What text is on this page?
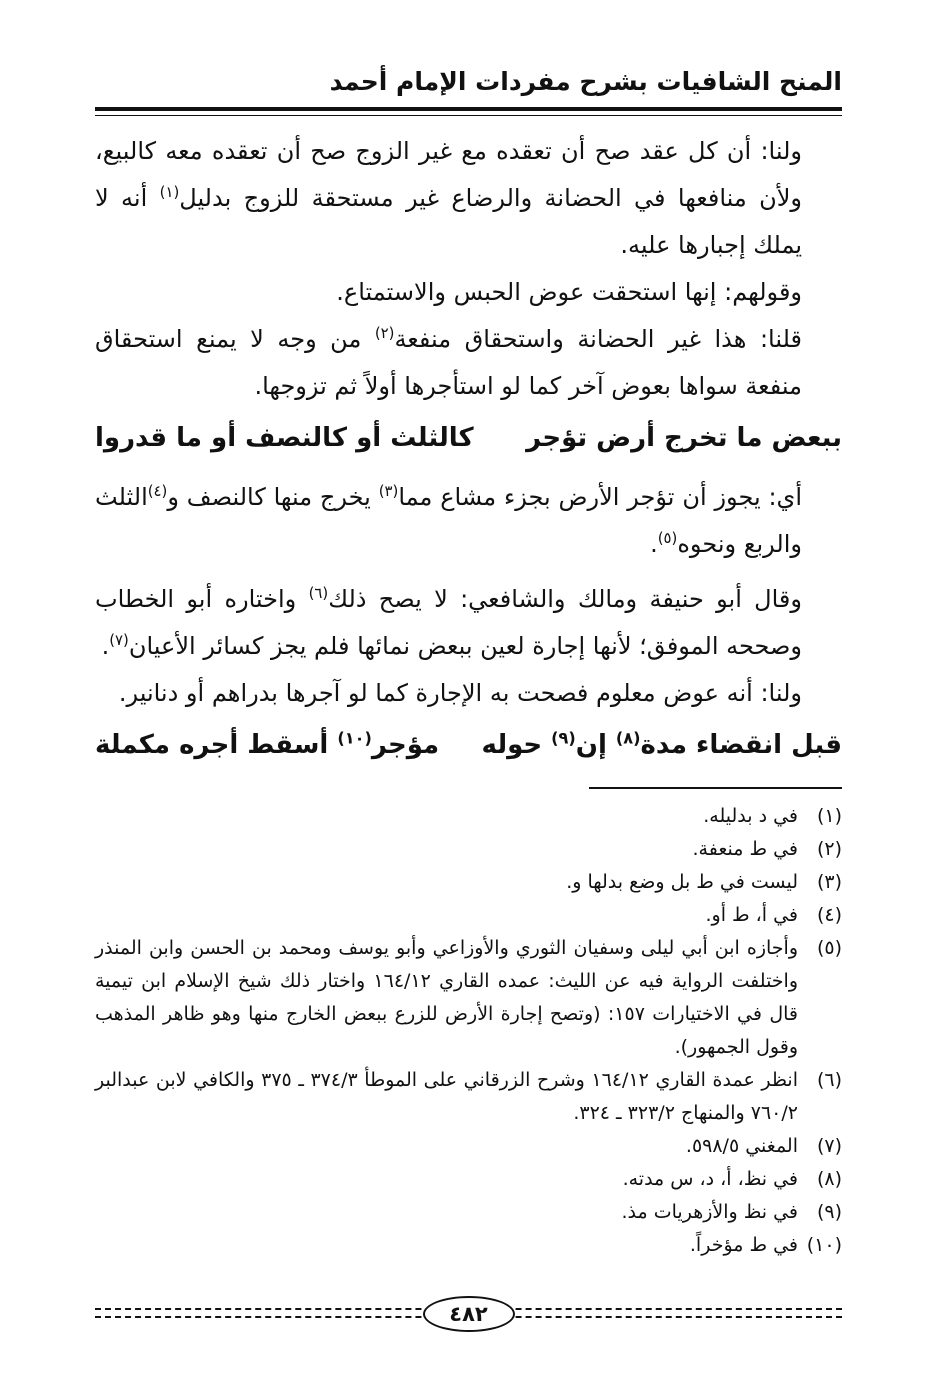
المنح الشافيات بشرح مفردات الإمام أحمد

ولنا: أن كل عقد صح أن تعقده مع غير الزوج صح أن تعقده معه كالبيع، ولأن منافعها في الحضانة والرضاع غير مستحقة للزوج بدليل$^{(١)}$ أنه لا يملك إجبارها عليه.

وقولهم: إنها استحقت عوض الحبس والاستمتاع.

قلنا: هذا غير الحضانة واستحقاق منفعة$^{(٢)}$ من وجه لا يمنع استحقاق منفعة سواها بعوض آخر كما لو استأجرها أولاً ثم تزوجها.

ببعض ما تخرج أرض تؤجر
كالثلث أو كالنصف أو ما قدروا

أي: يجوز أن تؤجر الأرض بجزء مشاع مما$^{(٣)}$ يخرج منها كالنصف و$^{(٤)}$الثلث والربع ونحوه$^{(٥)}$.

وقال أبو حنيفة ومالك والشافعي: لا يصح ذلك$^{(٦)}$ واختاره أبو الخطاب وصححه الموفق؛ لأنها إجارة لعين ببعض نمائها فلم يجز كسائر الأعيان$^{(٧)}$.

ولنا: أنه عوض معلوم فصحت به الإجارة كما لو آجرها بدراهم أو دنانير.

قبل انقضاء مدة$^{(٨)}$ إن$^{(٩)}$ حوله
مؤجر$^{(١٠)}$ أسقط أجره مكملة
(١)
في د بدليله.
(٢)
في ط منعفة.
(٣)
ليست في ط بل وضع بدلها و.
(٤)
في أ، ط أو.
(٥)
وأجازه ابن أبي ليلى وسفيان الثوري والأوزاعي وأبو يوسف ومحمد بن الحسن وابن المنذر واختلفت الرواية فيه عن الليث: عمده القاري ١٦٤/١٢ واختار ذلك شيخ الإسلام ابن تيمية قال في الاختيارات ١٥٧: (وتصح إجارة الأرض للزرع ببعض الخارج منها وهو ظاهر المذهب وقول الجمهور).
(٦)
انظر عمدة القاري ١٦٤/١٢ وشرح الزرقاني على الموطأ ٣٧٤/٣ ـ ٣٧٥ والكافي لابن عبدالبر ٧٦٠/٢ والمنهاج ٣٢٣/٢ ـ ٣٢٤.
(٧)
المغني ٥٩٨/٥.
(٨)
في نظ، أ، د، س مدته.
(٩)
في نظ والأزهريات مذ.
(١٠)
في ط مؤخراً.
٤٨٢
